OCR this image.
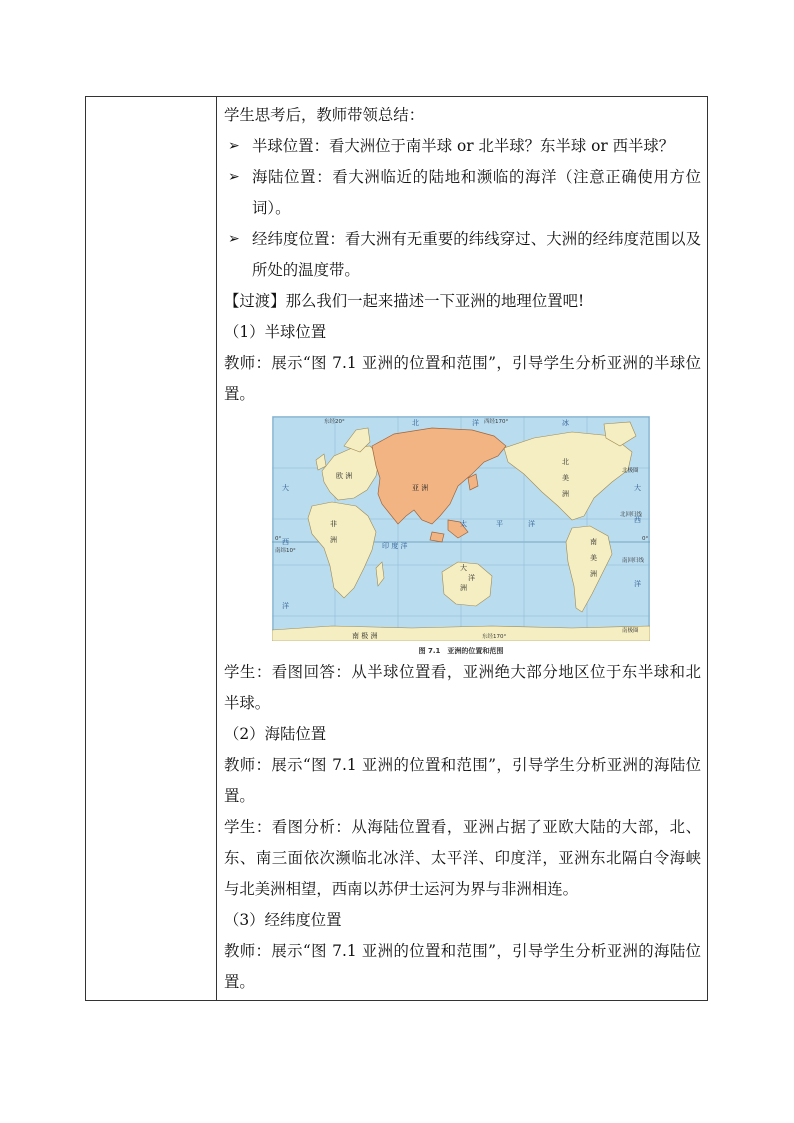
学生思考后，教师带领总结：
➢ 半球位置：看大洲位于南半球 or 北半球？东半球 or 西半球？
➢ 海陆位置：看大洲临近的陆地和濒临的海洋（注意正确使用方位词）。
➢ 经纬度位置：看大洲有无重要的纬线穿过、大洲的经纬度范围以及所处的温度带。
【过渡】那么我们一起来描述一下亚洲的地理位置吧!
（1）半球位置
教师：展示“图 7.1 亚洲的位置和范围”，引导学生分析亚洲的半球位置。
东经20°	西经170°
东经170°
北极圈
北回归线
0°	0°
南纬10°
南回归线
南极圈
北	洋	冰
太	平	洋
印 度 洋
大
西
洋
大
西
洋
欧 洲
亚 洲
非
洲
大
洋
洲
北
美
洲
南
美
洲
南 极 洲
图 7.1　亚洲的位置和范围
学生：看图回答：从半球位置看，亚洲绝大部分地区位于东半球和北半球。
（2）海陆位置
教师：展示“图 7.1 亚洲的位置和范围”，引导学生分析亚洲的海陆位置。
学生：看图分析：从海陆位置看，亚洲占据了亚欧大陆的大部，北、东、南三面依次濒临北冰洋、太平洋、印度洋，亚洲东北隔白令海峡与北美洲相望，西南以苏伊士运河为界与非洲相连。
（3）经纬度位置
教师：展示“图 7.1 亚洲的位置和范围”，引导学生分析亚洲的海陆位置。
